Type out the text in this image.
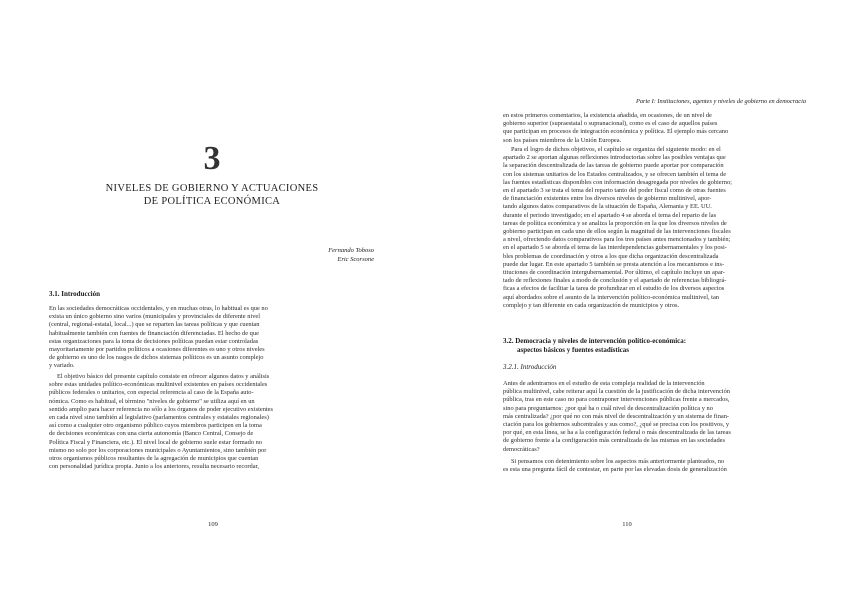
3
NIVELES DE GOBIERNO Y ACTUACIONES
DE POLÍTICA ECONÓMICA
Fernando Toboso
Eric Scorsone
3.1. Introducción
En las sociedades democráticas occidentales, y en muchas otras, lo habitual es que no
exista un único gobierno sino varios (municipales y provinciales de diferente nivel
(central, regional-estatal, local...) que se reparten las tareas políticas y que cuentan
habitualmente también con fuentes de financiación diferenciadas. El hecho de que
estas organizaciones para la toma de decisiones políticas puedan estar controladas
mayoritariamente por partidos políticos a ocasiones diferentes es uno y otros niveles
de gobierno es uno de los rasgos de dichos sistemas políticos es un asunto complejo
y variado.
El objetivo básico del presente capítulo consiste en ofrecer algunos datos y análisis
sobre estas unidades político-económicas multinivel existentes en países occidentales
públicos federales o unitarios, con especial referencia al caso de la España auto-
nómica. Como es habitual, el término "niveles de gobierno" se utiliza aquí en un
sentido amplio para hacer referencia no sólo a los órganos de poder ejecutivo existentes
en cada nivel sino también al legislativo (parlamentos centrales y estatales regionales)
así como a cualquier otro organismo público cuyos miembros participen en la toma
de decisiones económicas con una cierta autonomía (Banco Central, Consejo de
Política Fiscal y Financiera, etc.). El nivel local de gobierno suele estar formado no
mismo no solo por los corporaciones municipales o Ayuntamientos, sino también por
otros organismos públicos resultantes de la agregación de municipios que cuentan
con personalidad jurídica propia. Junto a los anteriores, resulta necesario recordar,
109
Parte I: Instituciones, agentes y niveles de gobierno en democracia
en estos primeros comentarios, la existencia añadida, en ocasiones, de un nivel de
gobierno superior (supraestatal o supranacional), como es el caso de aquellos países
que participan en procesos de integración económica y política. El ejemplo más cercano
son los países miembros de la Unión Europea.
Para el logro de dichos objetivos, el capítulo se organiza del siguiente modo: en el
apartado 2 se aportan algunas reflexiones introductorias sobre las posibles ventajas que
la separación descentralizada de las tareas de gobierno puede aportar por comparación
con los sistemas unitarios de los Estados centralizados, y se ofrecen también el tema de
las fuentes estadísticas disponibles con información desagregada por niveles de gobierno;
en el apartado 3 se trata el tema del reparto tanto del poder fiscal como de otras fuentes
de financiación existentes entre los diversos niveles de gobierno multinivel, apor-
tando algunos datos comparativos de la situación de España, Alemania y EE. UU.
durante el periodo investigado; en el apartado 4 se aborda el tema del reparto de las
tareas de política económica y se analiza la proporción en la que los diversos niveles de
gobierno participan en cada uno de ellos según la magnitud de las intervenciones fiscales
a nivel, ofreciendo datos comparativos para los tres países antes mencionados y también;
en el apartado 5 se aborda el tema de las interdependencias gubernamentales y los posi-
bles problemas de coordinación y otros a los que dicha organización descentralizada
puede dar lugar. En este apartado 5 también se presta atención a los mecanismos e ins-
tituciones de coordinación intergubernamental. Por último, el capítulo incluye un apar-
tado de reflexiones finales a modo de conclusión y el apartado de referencias bibliográ-
ficas a efectos de facilitar la tarea de profundizar en el estudio de los diversos aspectos
aquí abordados sobre el asunto de la intervención político-económica multinivel, tan
complejo y tan diferente en cada organización de municipios y otros.
3.2. Democracia y niveles de intervención político-económica:
aspectos básicos y fuentes estadísticas
3.2.1. Introducción
Antes de adentrarnos en el estudio de esta compleja realidad de la intervención
pública multinivel, cabe reiterar aquí la cuestión de la justificación de dicha intervención
pública, tras en este caso no para contraponer intervenciones públicas frente a mercados,
sino para preguntarnos: ¿por qué ha o cuál nivel de descentralización política y no
más centralizada? ¿por qué no con más nivel de descentralización y un sistema de finan-
ciación para los gobiernos subcentrales y sus como?, ¿qué se precisa con los positivos, y
por qué, en esta línea, se ha a la configuración federal o más descentralizada de las tareas
de gobierno frente a la configuración más centralizada de las mismas en las sociedades
democráticas?
Si pensamos con detenimiento sobre los aspectos más anteriormente planteados, no
es esta una pregunta fácil de contestar, en parte por las elevadas dosis de generalización
110
